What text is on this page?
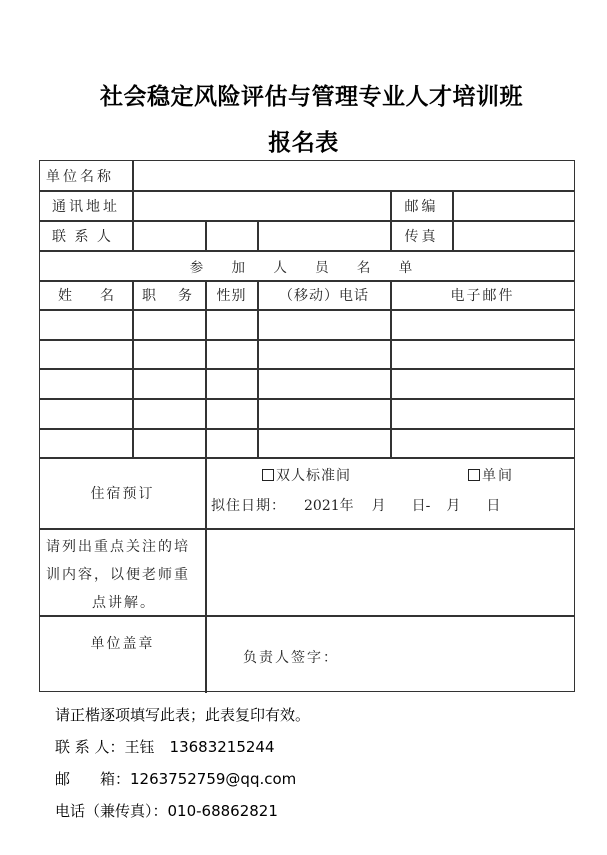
社会稳定风险评估与管理专业人才培训班
报名表
单位名称
通讯地址	邮编
联 系 人	传真
参 加 人 员 名 单
姓　　名	职　务	性别	（移动）电话	电子邮件
住宿预订
双人标准间	单间
拟住日期： 2021年 月 日- 月 日
请列出重点关注的培
训内容，以便老师重
点讲解。
单位盖章
负责人签字：
请正楷逐项填写此表；此表复印有效。
联 系 人：王钰　13683215244
邮　　箱：1263752759@qq.com
电话（兼传真）：010-68862821
